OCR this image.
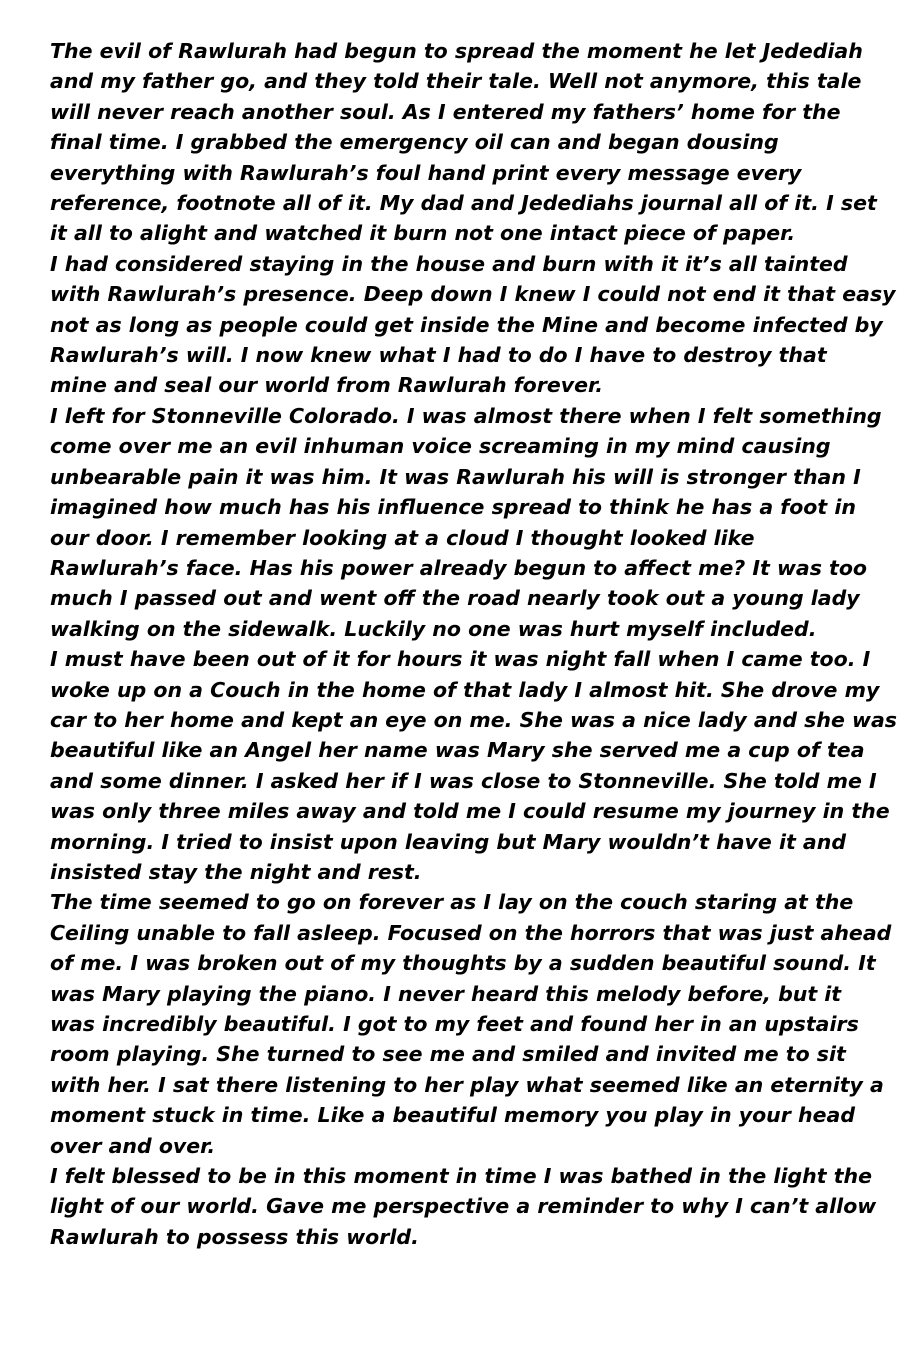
The evil of Rawlurah had begun to spread the moment he let Jedediah
and my father go, and they told their tale. Well not anymore, this tale
will never reach another soul. As I entered my fathers’ home for the
final time. I grabbed the emergency oil can and began dousing
everything with Rawlurah’s foul hand print every message every
reference, footnote all of it. My dad and Jedediahs journal all of it. I set
it all to alight and watched it burn not one intact piece of paper.
I had considered staying in the house and burn with it it’s all tainted
with Rawlurah’s presence. Deep down I knew I could not end it that easy
not as long as people could get inside the Mine and become infected by
Rawlurah’s will. I now knew what I had to do I have to destroy that
mine and seal our world from Rawlurah forever.
I left for Stonneville Colorado. I was almost there when I felt something
come over me an evil inhuman voice screaming in my mind causing
unbearable pain it was him. It was Rawlurah his will is stronger than I
imagined how much has his influence spread to think he has a foot in
our door. I remember looking at a cloud I thought looked like
Rawlurah’s face. Has his power already begun to affect me? It was too
much I passed out and went off the road nearly took out a young lady
walking on the sidewalk. Luckily no one was hurt myself included.
I must have been out of it for hours it was night fall when I came too. I
woke up on a Couch in the home of that lady I almost hit. She drove my
car to her home and kept an eye on me. She was a nice lady and she was
beautiful like an Angel her name was Mary she served me a cup of tea
and some dinner. I asked her if I was close to Stonneville. She told me I
was only three miles away and told me I could resume my journey in the
morning. I tried to insist upon leaving but Mary wouldn’t have it and
insisted stay the night and rest.
The time seemed to go on forever as I lay on the couch staring at the
Ceiling unable to fall asleep. Focused on the horrors that was just ahead
of me. I was broken out of my thoughts by a sudden beautiful sound. It
was Mary playing the piano. I never heard this melody before, but it
was incredibly beautiful. I got to my feet and found her in an upstairs
room playing. She turned to see me and smiled and invited me to sit
with her. I sat there listening to her play what seemed like an eternity a
moment stuck in time. Like a beautiful memory you play in your head
over and over.
I felt blessed to be in this moment in time I was bathed in the light the
light of our world. Gave me perspective a reminder to why I can’t allow
Rawlurah to possess this world.
